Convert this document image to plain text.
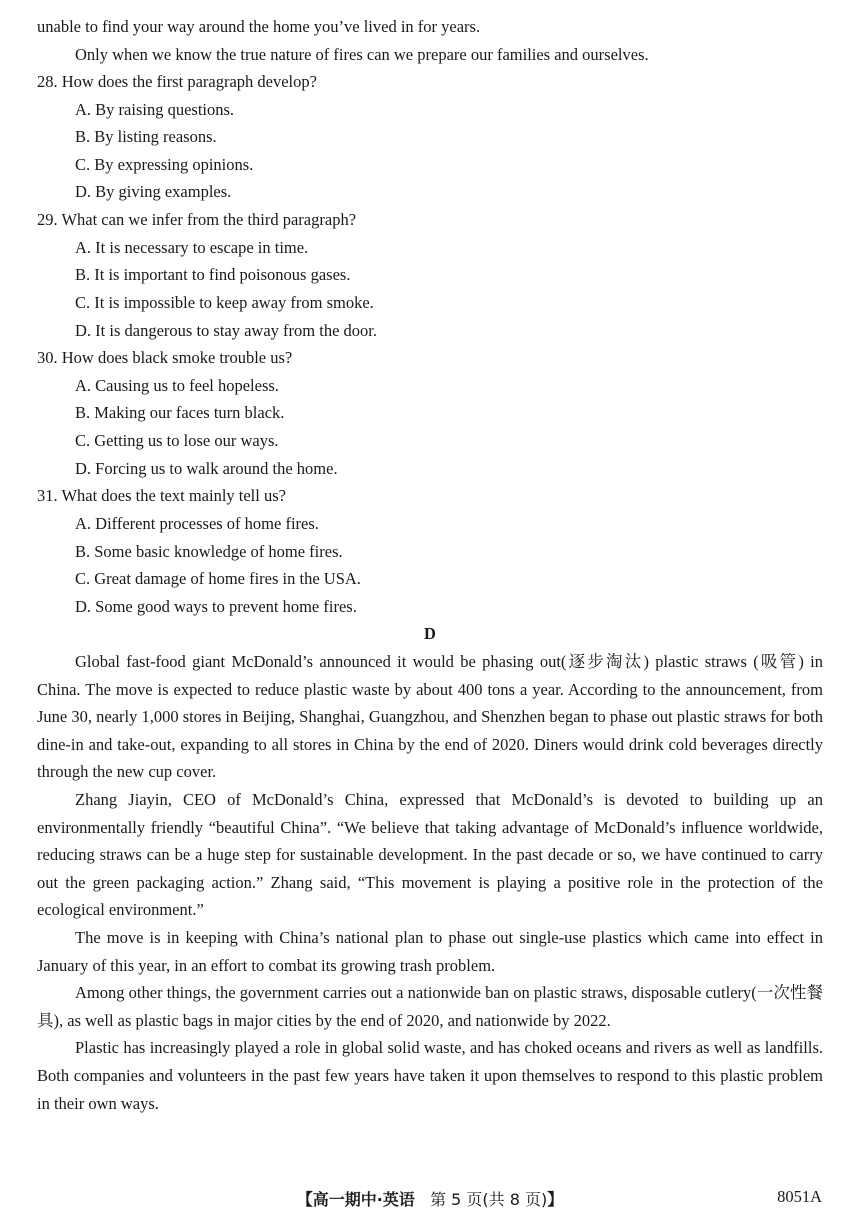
unable to find your way around the home you’ve lived in for years.
Only when we know the true nature of fires can we prepare our families and ourselves.
28. How does the first paragraph develop?
A. By raising questions.
B. By listing reasons.
C. By expressing opinions.
D. By giving examples.
29. What can we infer from the third paragraph?
A. It is necessary to escape in time.
B. It is important to find poisonous gases.
C. It is impossible to keep away from smoke.
D. It is dangerous to stay away from the door.
30. How does black smoke trouble us?
A. Causing us to feel hopeless.
B. Making our faces turn black.
C. Getting us to lose our ways.
D. Forcing us to walk around the home.
31. What does the text mainly tell us?
A. Different processes of home fires.
B. Some basic knowledge of home fires.
C. Great damage of home fires in the USA.
D. Some good ways to prevent home fires.
D

Global fast-food giant McDonald’s announced it would be phasing out(逐步淘汰) plastic straws (吸管) in China. The move is expected to reduce plastic waste by about 400 tons a year. According to the announcement, from June 30, nearly 1,000 stores in Beijing, Shanghai, Guangzhou, and Shenzhen began to phase out plastic straws for both dine-in and take-out, expanding to all stores in China by the end of 2020. Diners would drink cold beverages directly through the new cup cover.

Zhang Jiayin, CEO of McDonald’s China, expressed that McDonald’s is devoted to building up an environmentally friendly “beautiful China”. “We believe that taking advantage of McDonald’s influence worldwide, reducing straws can be a huge step for sustainable development. In the past decade or so, we have continued to carry out the green packaging action.” Zhang said, “This movement is playing a positive role in the protection of the ecological environment.”

The move is in keeping with China’s national plan to phase out single-use plastics which came into effect in January of this year, in an effort to combat its growing trash problem.

Among other things, the government carries out a nationwide ban on plastic straws, disposable cutlery(一次性餐具), as well as plastic bags in major cities by the end of 2020, and nationwide by 2022.

Plastic has increasingly played a role in global solid waste, and has choked oceans and rivers as well as landfills. Both companies and volunteers in the past few years have taken it upon themselves to respond to this plastic problem in their own ways.

【高一期中·英语 第 5 页(共 8 页)】	8051A
